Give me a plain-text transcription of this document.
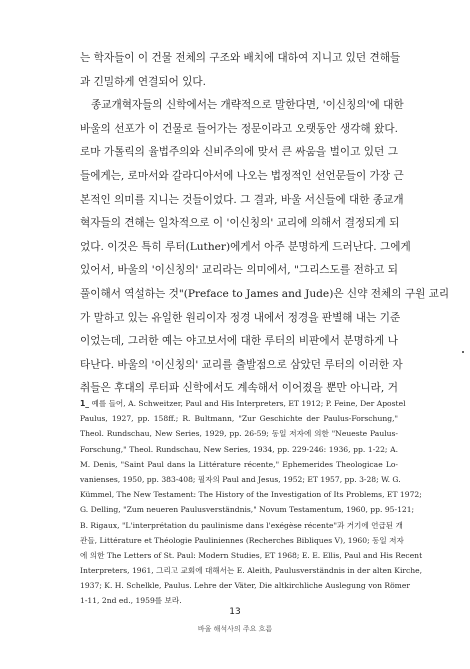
는 학자들이 이 건물 전체의 구조와 배치에 대하여 지니고 있던 견해들
과 긴밀하게 연결되어 있다.
종교개혁자들의 신학에서는 개략적으로 말한다면, '이신칭의'에 대한
바울의 선포가 이 건물로 들어가는 정문이라고 오랫동안 생각해 왔다.
로마 가톨릭의 율법주의와 신비주의에 맞서 큰 싸움을 벌이고 있던 그
들에게는, 로마서와 갈라디아서에 나오는 법정적인 선언문들이 가장 근
본적인 의미를 지니는 것들이었다. 그 결과, 바울 서신들에 대한 종교개
혁자들의 견해는 일차적으로 이 '이신칭의' 교리에 의해서 결정되게 되
었다. 이것은 특히 루터(Luther)에게서 아주 분명하게 드러난다. 그에게
있어서, 바울의 '이신칭의' 교리라는 의미에서, "그리스도를 전하고 되
풀이해서 역설하는 것"(Preface to James and Jude)은 신약 전체의 구원 교리
가 말하고 있는 유일한 원리이자 정경 내에서 정경을 판별해 내는 기준
이었는데, 그러한 예는 야고보서에 대한 루터의 비판에서 분명하게 나
타난다. 바울의 '이신칭의' 교리를 출발점으로 삼았던 루터의 이러한 자
취들은 후대의 루터파 신학에서도 계속해서 이어졌을 뿐만 아니라, 거
1_ 예를 들어, A. Schweitzer, Paul and His Interpreters, ET 1912; P. Feine, Der Apostel
Paulus, 1927, pp. 158ff.; R. Bultmann, "Zur Geschichte der Paulus-Forschung,"
Theol. Rundschau, New Series, 1929, pp. 26-59; 동일 저자에 의한 "Neueste Paulus-
Forschung," Theol. Rundschau, New Series, 1934, pp. 229-246: 1936, pp. 1-22; A.
M. Denis, "Saint Paul dans la Littérature récente," Ephemerides Theologicae Lo-
vanienses, 1950, pp. 383-408; 필자의 Paul and Jesus, 1952; ET 1957, pp. 3-28; W. G.
Kümmel, The New Testament: The History of the Investigation of Its Problems, ET 1972;
G. Delling, "Zum neueren Paulusverständnis," Novum Testamentum, 1960, pp. 95-121;
B. Rigaux, "L'interprétation du paulinisme dans l'exégèse récente"과 거기에 언급된 개
관들, Littérature et Théologie Pauliniennes (Recherches Bibliques V), 1960; 동일 저자
에 의한 The Letters of St. Paul: Modern Studies, ET 1968; E. E. Ellis, Paul and His Recent
Interpreters, 1961, 그리고 교회에 대해서는 E. Aleith, Paulusverständnis in der alten Kirche,
1937; K. H. Schelkle, Paulus. Lehre der Väter, Die altkirchliche Auslegung von Römer
1-11, 2nd ed., 1959를 보라.
13
바울 해석사의 주요 흐름
